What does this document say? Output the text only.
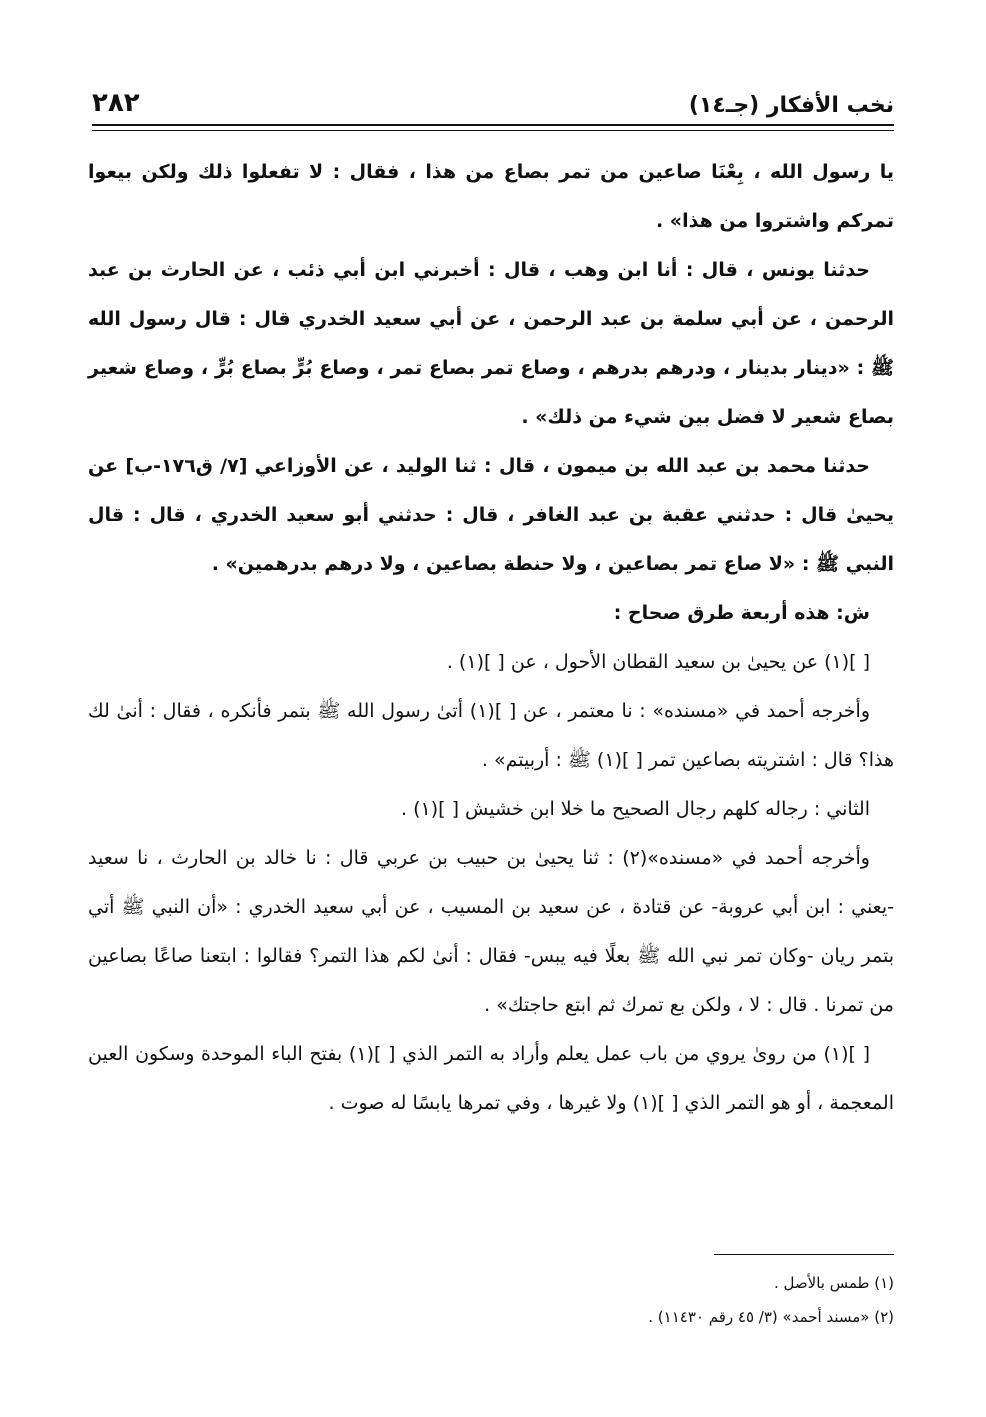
نخب الأفكار (جـ١٤)
٢٨٢

يا رسول الله ، بِعْنَا صاعين من تمر بصاع من هذا ، فقال : لا تفعلوا ذلك ولكن بيعوا تمركم واشتروا من هذا» .

حدثنا يونس ، قال : أنا ابن وهب ، قال : أخبرني ابن أبي ذئب ، عن الحارث بن عبد الرحمن ، عن أبي سلمة بن عبد الرحمن ، عن أبي سعيد الخدري قال : قال رسول الله ﷺ : «دينار بدينار ، ودرهم بدرهم ، وصاع تمر بصاع تمر ، وصاع بُرٍّ بصاع بُرٍّ ، وصاع شعير بصاع شعير لا فضل بين شيء من ذلك» .

حدثنا محمد بن عبد الله بن ميمون ، قال : ثنا الوليد ، عن الأوزاعي [٧/ ق١٧٦-ب] عن يحيىٰ قال : حدثني عقبة بن عبد الغافر ، قال : حدثني أبو سعيد الخدري ، قال : قال النبي ﷺ : «لا صاع تمر بصاعين ، ولا حنطة بصاعين ، ولا درهم بدرهمين» .

ش: هذه أربعة طرق صحاح :

[ ](١) عن يحيىٰ بن سعيد القطان الأحول ، عن [ ](١) .

وأخرجه أحمد في «مسنده» : نا معتمر ، عن [ ](١) أتىٰ رسول الله ﷺ بتمر فأنكره ، فقال : أنىٰ لك هذا؟ قال : اشتريته بصاعين تمر [ ](١) ﷺ : أربيتم» .

الثاني : رجاله كلهم رجال الصحيح ما خلا ابن خشيش [ ](١) .

وأخرجه أحمد في «مسنده»(٢) : ثنا يحيىٰ بن حبيب بن عربي قال : نا خالد بن الحارث ، نا سعيد -يعني : ابن أبي عروبة- عن قتادة ، عن سعيد بن المسيب ، عن أبي سعيد الخدري : «أن النبي ﷺ أتي بتمر ريان -وكان تمر نبي الله ﷺ بعلًا فيه يبس- فقال : أنىٰ لكم هذا التمر؟ فقالوا : ابتعنا صاعًا بصاعين من تمرنا . قال : لا ، ولكن بع تمرك ثم ابتع حاجتك» .

[ ](١) من روىٰ يروي من باب عمل يعلم وأراد به التمر الذي [ ](١) بفتح الباء الموحدة وسكون العين المعجمة ، أو هو التمر الذي [ ](١) ولا غيرها ، وفي تمرها يابسًا له صوت .

(١) طمس بالأصل .

(٢) «مسند أحمد» (٣/ ٤٥ رقم ١١٤٣٠) .
